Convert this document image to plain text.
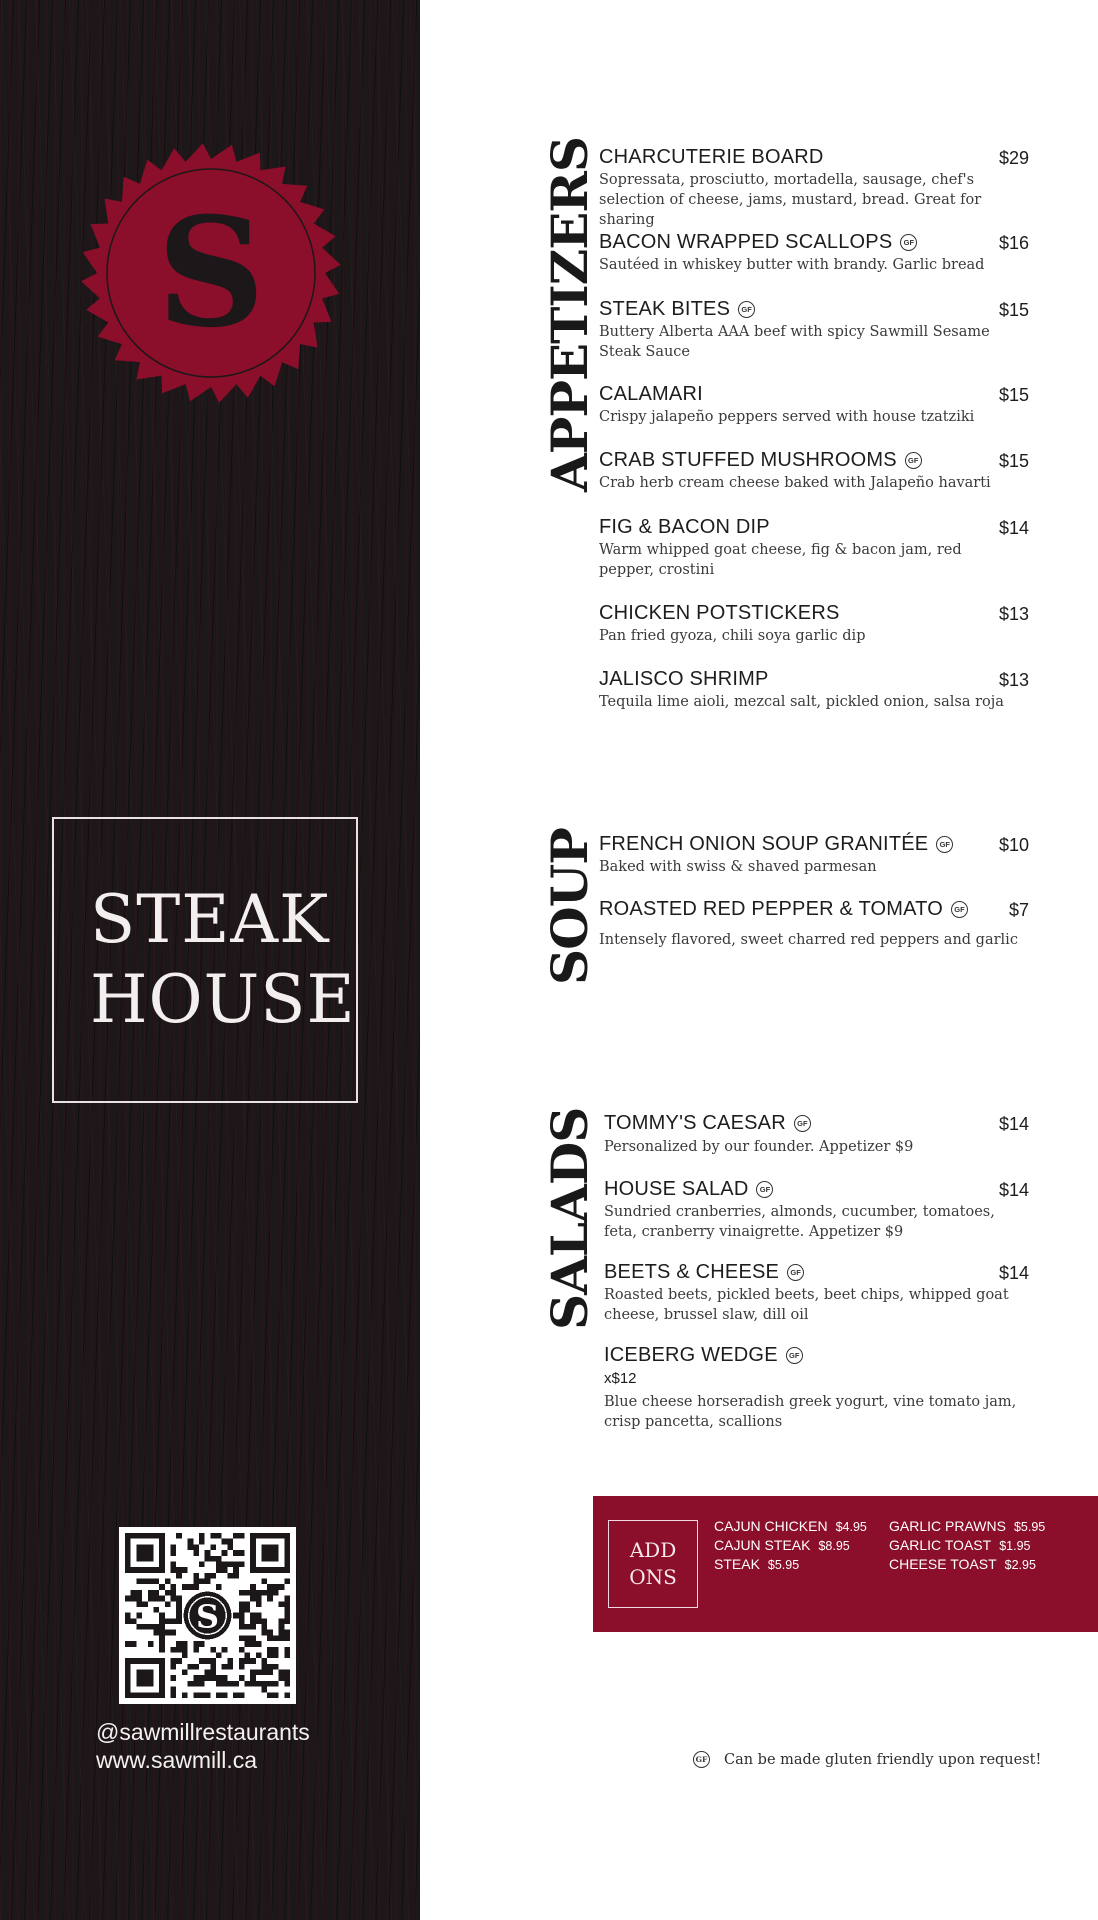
S
STEAK
HOUSE
S
@sawmillrestaurants
www.sawmill.ca
APPETIZERS
SOUP
SALADS
CHARCUTERIE BOARD	$29
Sopressata, prosciutto, mortadella, sausage, chef's selection of cheese, jams, mustard, bread. Great for sharing
BACON WRAPPED SCALLOPS	GF	$16
Sautéed in whiskey butter with brandy. Garlic bread
STEAK BITES	GF	$15
Buttery Alberta AAA beef with spicy Sawmill Sesame Steak Sauce
CALAMARI	$15
Crispy jalapeño peppers served with house tzatziki
CRAB STUFFED MUSHROOMS	GF	$15
Crab herb cream cheese baked with Jalapeño havarti
FIG & BACON DIP	$14
Warm whipped goat cheese, fig & bacon jam, red pepper, crostini
CHICKEN POTSTICKERS	$13
Pan fried gyoza, chili soya garlic dip
JALISCO SHRIMP	$13
Tequila lime aioli, mezcal salt, pickled onion, salsa roja
FRENCH ONION SOUP GRANITÉE	GF	$10
Baked with swiss & shaved parmesan
ROASTED RED PEPPER & TOMATO	GF $7
Intensely flavored, sweet charred red peppers and garlic
TOMMY'S CAESAR	GF	$14
Personalized by our founder. Appetizer $9
HOUSE SALAD	GF	$14
Sundried cranberries, almonds, cucumber, tomatoes, feta, cranberry vinaigrette. Appetizer $9
BEETS & CHEESE	GF	$14
Roasted beets, pickled beets, beet chips, whipped goat cheese, brussel slaw, dill oil
ICEBERG WEDGE	GF
x$12
Blue cheese horseradish greek yogurt, vine tomato jam, crisp pancetta, scallions
ADD
ONS
CAJUN CHICKEN $4.95
CAJUN STEAK $8.95
STEAK $5.95
GARLIC PRAWNS $5.95
GARLIC TOAST $1.95
CHEESE TOAST $2.95
GF Can be made gluten friendly upon request!
